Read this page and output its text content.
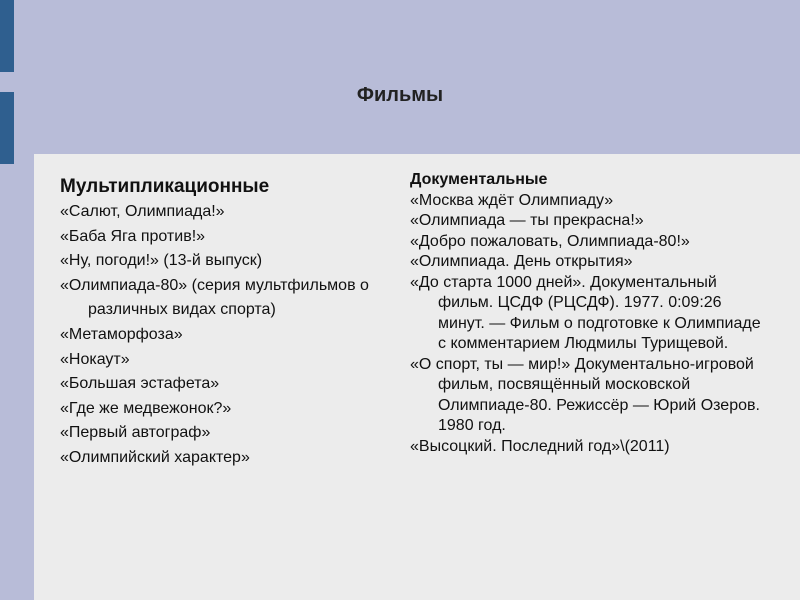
Фильмы
Мультипликационные
«Салют, Олимпиада!»
«Баба Яга против!»
«Ну, погоди!» (13-й выпуск)
«Олимпиада-80» (серия мультфильмов о различных видах спорта)
«Метаморфоза»
«Нокаут»
«Большая эстафета»
«Где же медвежонок?»
«Первый автограф»
«Олимпийский характер»
Документальные
«Москва ждёт Олимпиаду»
«Олимпиада — ты прекрасна!»
«Добро пожаловать, Олимпиада-80!»
«Олимпиада. День открытия»
«До старта 1000 дней». Документальный фильм. ЦСДФ (РЦСДФ). 1977. 0:09:26 минут. — Фильм о подготовке к Олимпиаде с комментарием Людмилы Турищевой.
«О спорт, ты — мир!» Документально-игровой фильм, посвящённый московской Олимпиаде-80. Режиссёр — Юрий Озеров. 1980 год.
«Высоцкий. Последний год»\(2011)
